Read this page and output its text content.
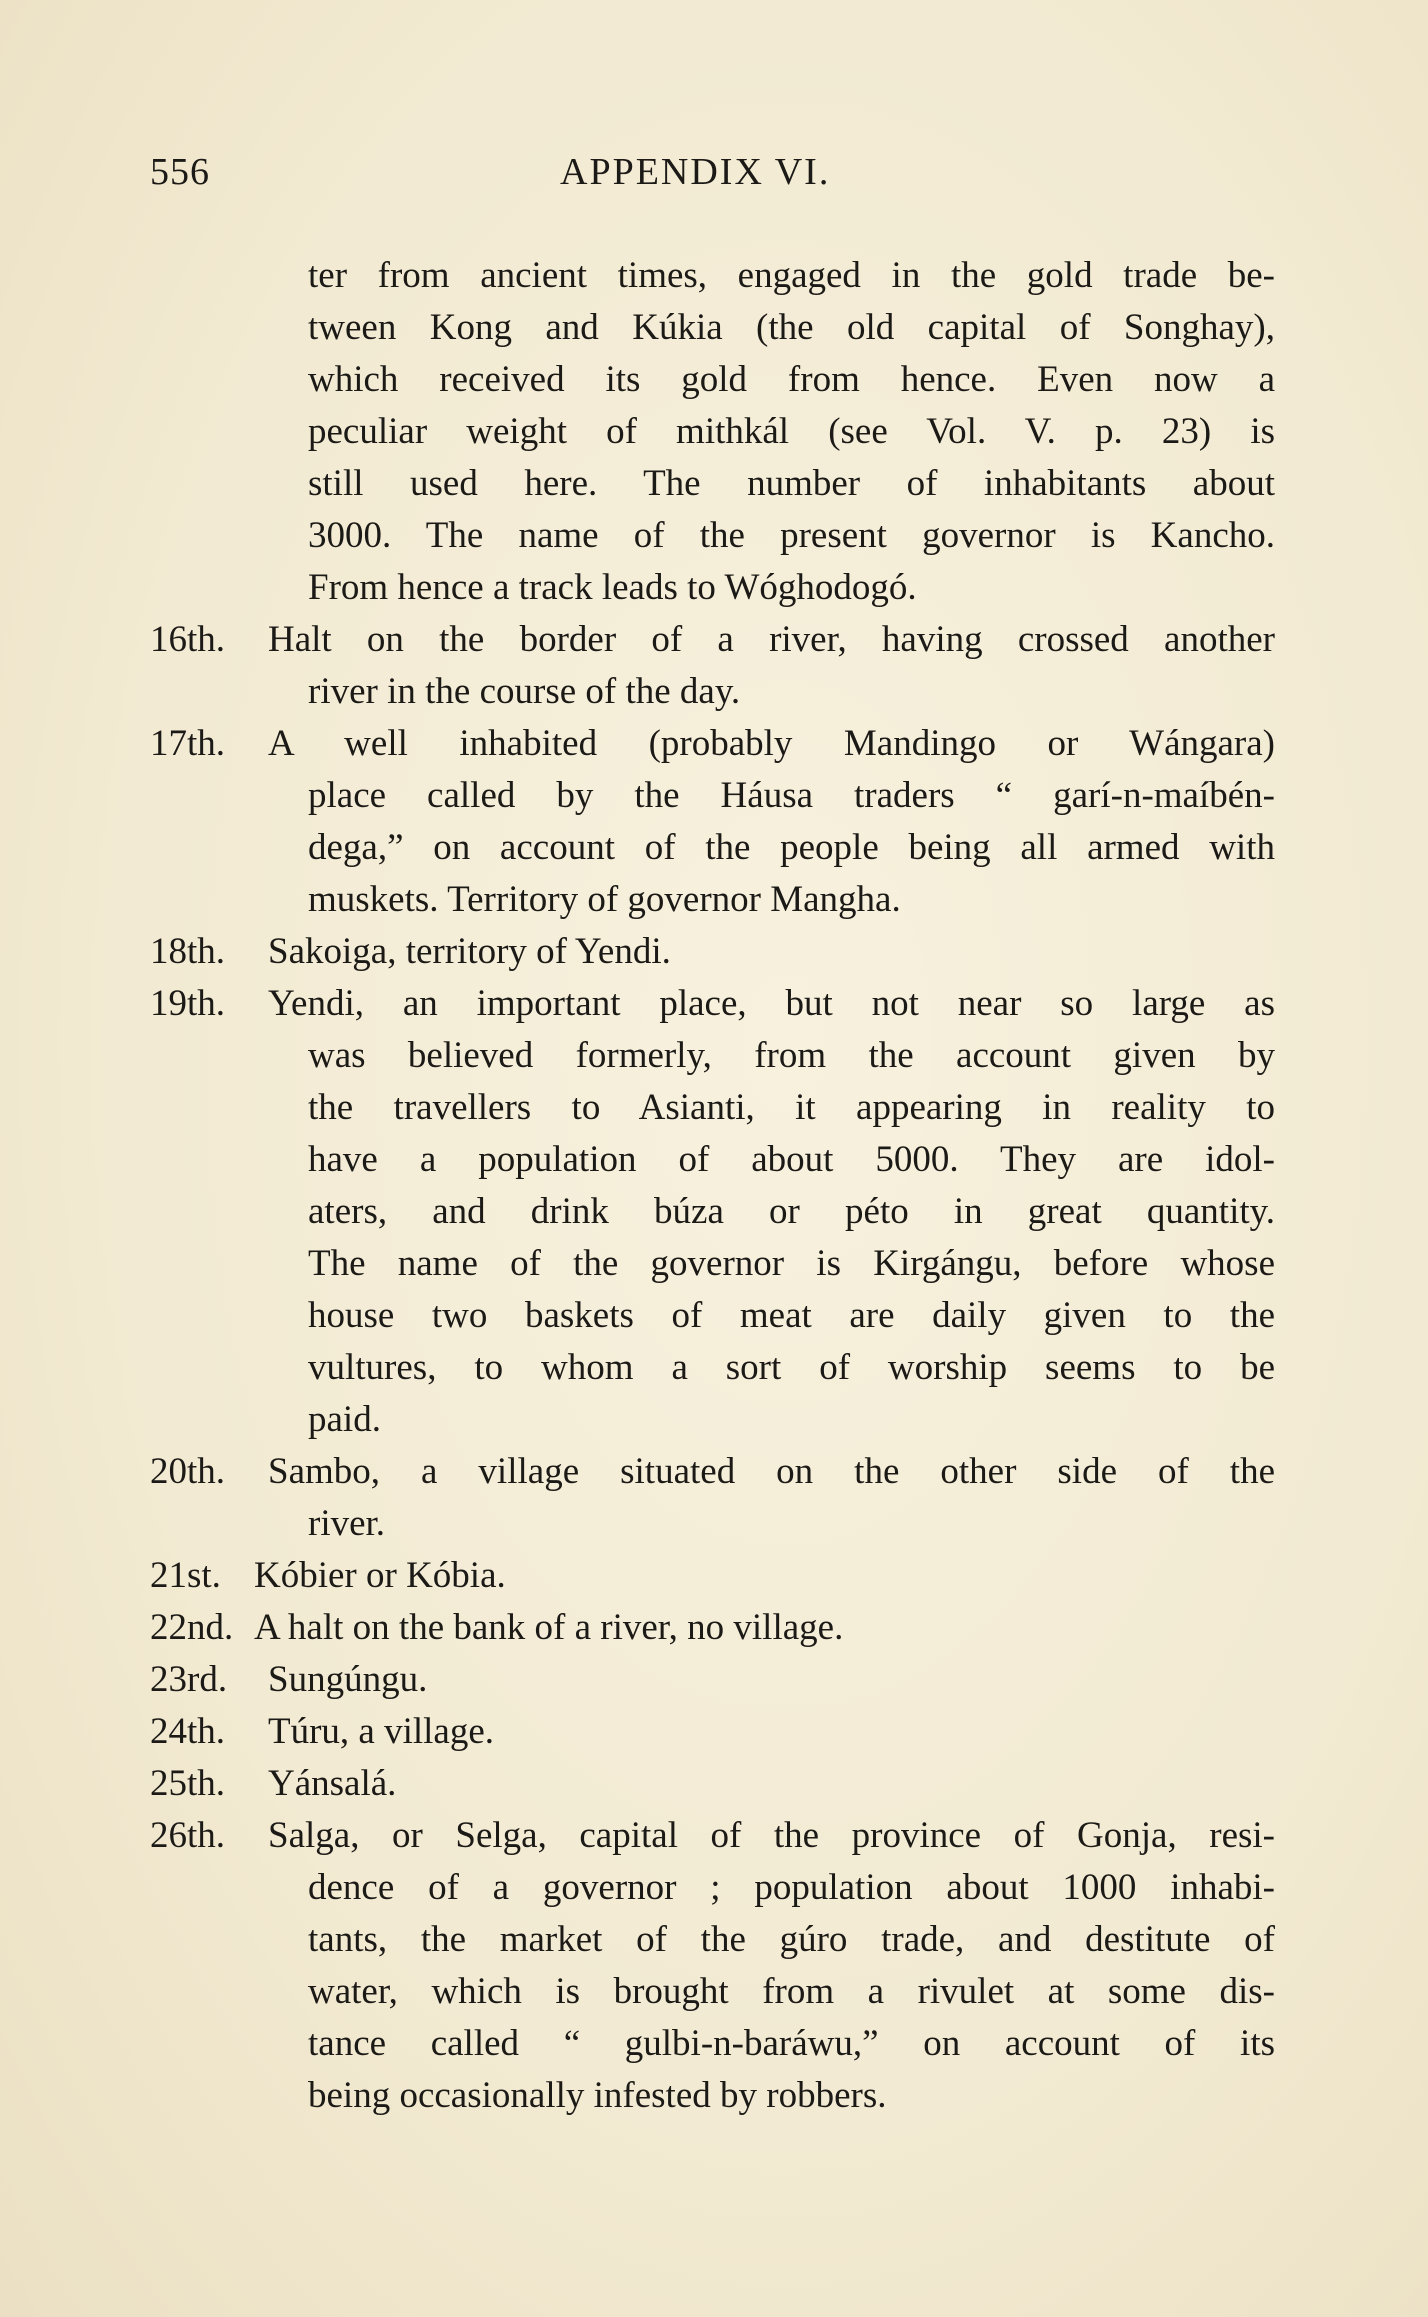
556	APPENDIX VI.
ter from ancient times, engaged in the gold trade be-
tween Kong and Kúkia (the old capital of Songhay),
which received its gold from hence. Even now a
peculiar weight of mithkál (see Vol. V. p. 23) is
still used here. The number of inhabitants about
3000. The name of the present governor is Kancho.
From hence a track leads to Wóghodogó.
16th. Halt on the border of a river, having crossed another
river in the course of the day.
17th. A well inhabited (probably Mandingo or Wángara)
place called by the Háusa traders “ garí-n-maíbén-
dega,” on account of the people being all armed with
muskets. Territory of governor Mangha.
18th. Sakoiga, territory of Yendi.
19th. Yendi, an important place, but not near so large as
was believed formerly, from the account given by
the travellers to Asianti, it appearing in reality to
have a population of about 5000. They are idol-
aters, and drink búza or péto in great quantity.
The name of the governor is Kirgángu, before whose
house two baskets of meat are daily given to the
vultures, to whom a sort of worship seems to be
paid.
20th. Sambo, a village situated on the other side of the
river.
21st. Kóbier or Kóbia.
22nd. A halt on the bank of a river, no village.
23rd. Sungúngu.
24th. Túru, a village.
25th. Yánsalá.
26th. Salga, or Selga, capital of the province of Gonja, resi-
dence of a governor ; population about 1000 inhabi-
tants, the market of the gúro trade, and destitute of
water, which is brought from a rivulet at some dis-
tance called “ gulbi-n-baráwu,” on account of its
being occasionally infested by robbers.
